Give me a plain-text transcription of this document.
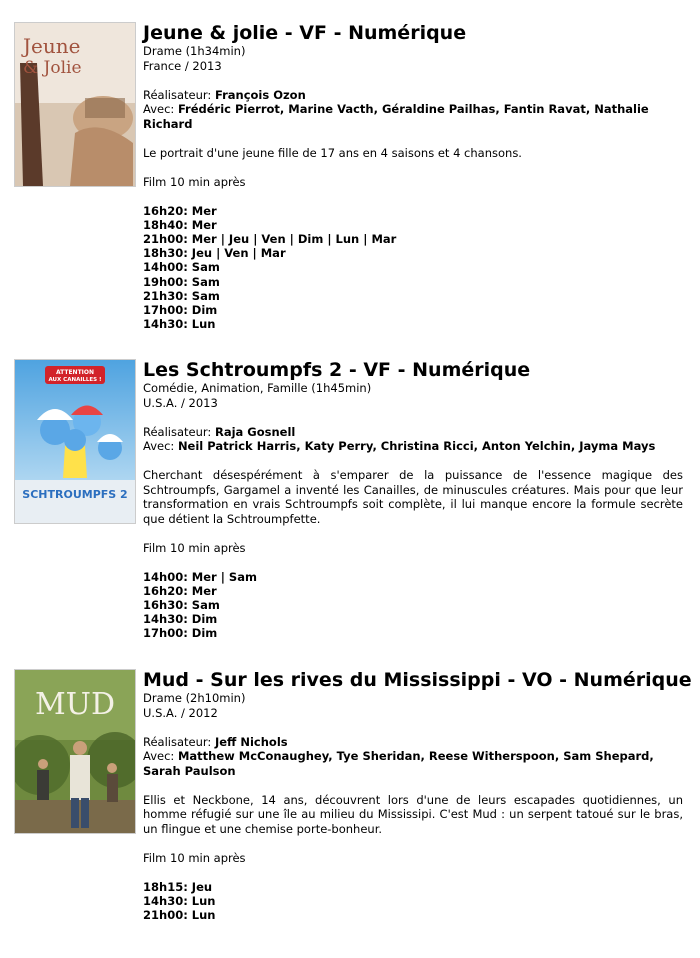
Jeune
& Jolie
Jeune & jolie - VF - Numérique
Drame (1h34min)
France / 2013
Réalisateur: François Ozon
Avec: Frédéric Pierrot, Marine Vacth, Géraldine Pailhas, Fantin Ravat, Nathalie Richard
Le portrait d'une jeune fille de 17 ans en 4 saisons et 4 chansons.
Film 10 min après
16h20: Mer
18h40: Mer
21h00: Mer | Jeu | Ven | Dim | Lun | Mar
18h30: Jeu | Ven | Mar
14h00: Sam
19h00: Sam
21h30: Sam
17h00: Dim
14h30: Lun
ATTENTION
AUX CANAILLES !
SCHTROUMPFS 2
Les Schtroumpfs 2 - VF - Numérique
Comédie, Animation, Famille (1h45min)
U.S.A. / 2013
Réalisateur: Raja Gosnell
Avec: Neil Patrick Harris, Katy Perry, Christina Ricci, Anton Yelchin, Jayma Mays
Cherchant désespérément à s'emparer de la puissance de l'essence magique des Schtroumpfs, Gargamel a inventé les Canailles, de minuscules créatures. Mais pour que leur transformation en vrais Schtroumpfs soit complète, il lui manque encore la formule secrète que détient la Schtroumpfette.
Film 10 min après
14h00: Mer | Sam
16h20: Mer
16h30: Sam
14h30: Dim
17h00: Dim
MUD
Mud - Sur les rives du Mississippi - VO - Numérique
Drame (2h10min)
U.S.A. / 2012
Réalisateur: Jeff Nichols
Avec: Matthew McConaughey, Tye Sheridan, Reese Witherspoon, Sam Shepard, Sarah Paulson
Ellis et Neckbone, 14 ans, découvrent lors d'une de leurs escapades quotidiennes, un homme réfugié sur une île au milieu du Mississipi. C'est Mud : un serpent tatoué sur le bras, un flingue et une chemise porte-bonheur.
Film 10 min après
18h15: Jeu
14h30: Lun
21h00: Lun
